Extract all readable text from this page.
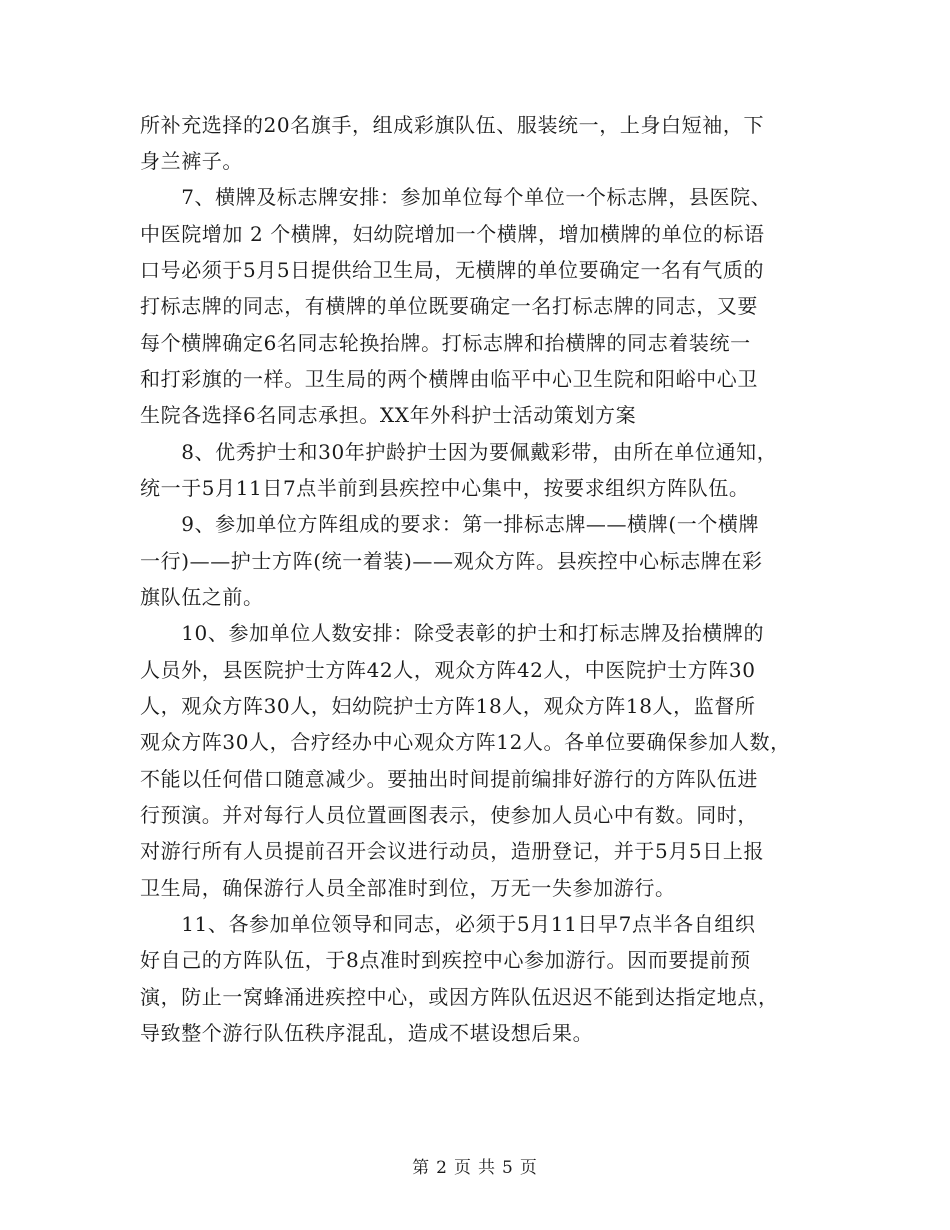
所补充选择的20名旗手，组成彩旗队伍、服装统一，上身白短袖，下
身兰裤子。
　　7、横牌及标志牌安排：参加单位每个单位一个标志牌，县医院、
中医院增加 2 个横牌，妇幼院增加一个横牌，增加横牌的单位的标语
口号必须于5月5日提供给卫生局，无横牌的单位要确定一名有气质的
打标志牌的同志，有横牌的单位既要确定一名打标志牌的同志，又要
每个横牌确定6名同志轮换抬牌。打标志牌和抬横牌的同志着装统一
和打彩旗的一样。卫生局的两个横牌由临平中心卫生院和阳峪中心卫
生院各选择6名同志承担。XX年外科护士活动策划方案
　　8、优秀护士和30年护龄护士因为要佩戴彩带，由所在单位通知，
统一于5月11日7点半前到县疾控中心集中，按要求组织方阵队伍。
　　9、参加单位方阵组成的要求：第一排标志牌——横牌(一个横牌
一行)——护士方阵(统一着装)——观众方阵。县疾控中心标志牌在彩
旗队伍之前。
　　10、参加单位人数安排：除受表彰的护士和打标志牌及抬横牌的
人员外，县医院护士方阵42人，观众方阵42人，中医院护士方阵30
人，观众方阵30人，妇幼院护士方阵18人，观众方阵18人，监督所
观众方阵30人，合疗经办中心观众方阵12人。各单位要确保参加人数，
不能以任何借口随意减少。要抽出时间提前编排好游行的方阵队伍进
行预演。并对每行人员位置画图表示，使参加人员心中有数。同时，
对游行所有人员提前召开会议进行动员，造册登记，并于5月5日上报
卫生局，确保游行人员全部准时到位，万无一失参加游行。
　　11、各参加单位领导和同志，必须于5月11日早7点半各自组织
好自己的方阵队伍，于8点准时到疾控中心参加游行。因而要提前预
演，防止一窝蜂涌进疾控中心，或因方阵队伍迟迟不能到达指定地点，
导致整个游行队伍秩序混乱，造成不堪设想后果。
第 2 页 共 5 页
